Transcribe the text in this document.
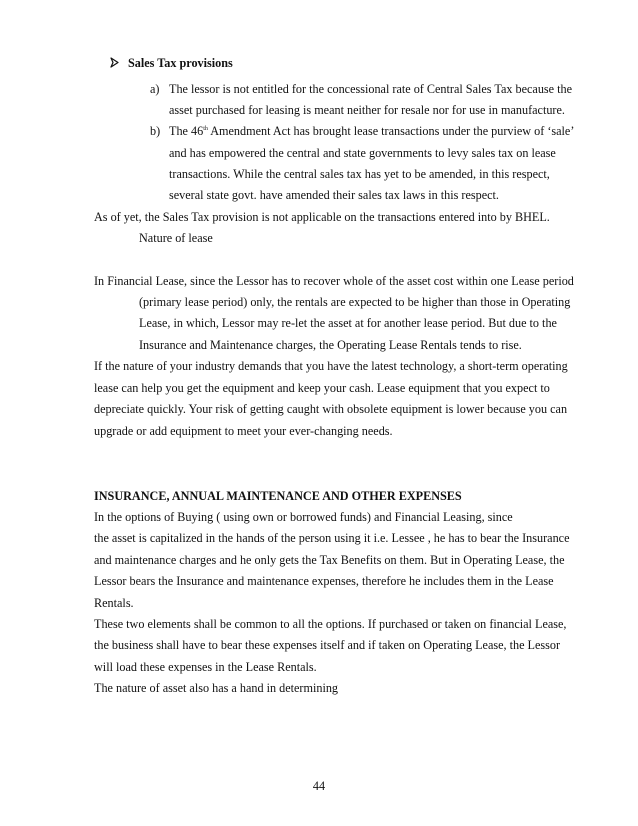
Sales Tax provisions
a) The lessor is not entitled for the concessional rate of Central Sales Tax because the
asset purchased for leasing is meant neither for resale nor for use in manufacture.
b) The 46th Amendment Act has brought lease transactions under the purview of ‘sale’
and has empowered the central and state governments to levy sales tax on lease
transactions. While the central sales tax has yet to be amended, in this respect,
several state govt. have amended their sales tax laws in this respect.
As of yet, the Sales Tax provision is not applicable on the transactions entered into by BHEL.
Nature of lease
In Financial Lease, since the Lessor has to recover whole of the asset cost within one Lease period
(primary lease period) only, the rentals are expected to be higher than those in Operating
Lease, in which, Lessor may re-let the asset at for another lease period. But due to the
Insurance and Maintenance charges, the Operating Lease Rentals tends to rise.
If the nature of your industry demands that you have the latest technology, a short-term operating
lease can help you get the equipment and keep your cash. Lease equipment that you expect to
depreciate quickly. Your risk of getting caught with obsolete equipment is lower because you can
upgrade or add equipment to meet your ever-changing needs.
INSURANCE, ANNUAL MAINTENANCE AND OTHER EXPENSES
In the options of Buying ( using own or borrowed funds) and Financial Leasing, since
the asset is capitalized in the hands of the person using it i.e. Lessee , he has to bear the Insurance
and maintenance charges and he only gets the Tax Benefits on them. But in Operating Lease, the
Lessor bears the Insurance and maintenance expenses, therefore he includes them in the Lease
Rentals.
These two elements shall be common to all the options. If purchased or taken on financial Lease,
the business shall have to bear these expenses itself and if taken on Operating Lease, the Lessor
will load these expenses in the Lease Rentals.
The nature of asset also has a hand in determining
44
